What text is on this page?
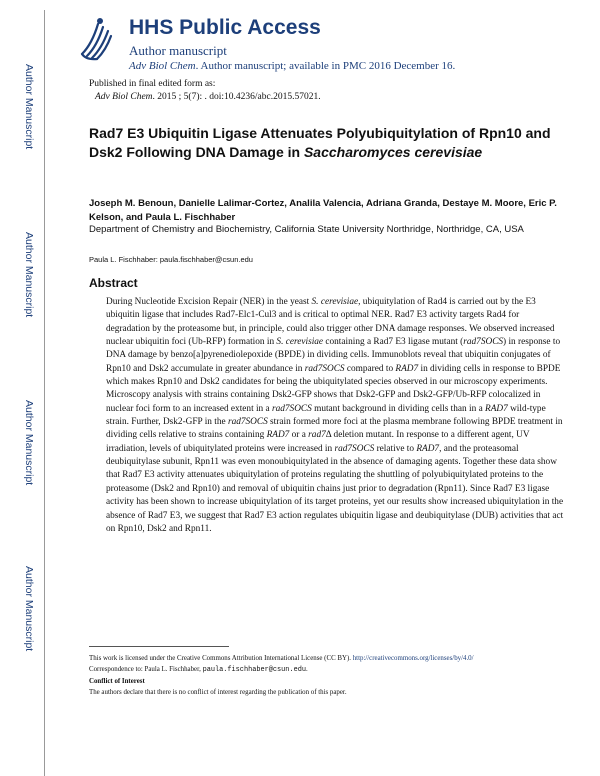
Author Manuscript
Author Manuscript
Author Manuscript
Author Manuscript
HHS Public Access
Author manuscript
Adv Biol Chem. Author manuscript; available in PMC 2016 December 16.
Published in final edited form as:
Adv Biol Chem. 2015 ; 5(7): . doi:10.4236/abc.2015.57021.
Rad7 E3 Ubiquitin Ligase Attenuates Polyubiquitylation of Rpn10 and Dsk2 Following DNA Damage in Saccharomyces cerevisiae
Joseph M. Benoun, Danielle Lalimar-Cortez, Analila Valencia, Adriana Granda, Destaye M. Moore, Eric P. Kelson, and Paula L. Fischhaber
Department of Chemistry and Biochemistry, California State University Northridge, Northridge, CA, USA
Paula L. Fischhaber: paula.fischhaber@csun.edu
Abstract
During Nucleotide Excision Repair (NER) in the yeast S. cerevisiae, ubiquitylation of Rad4 is carried out by the E3 ubiquitin ligase that includes Rad7-Elc1-Cul3 and is critical to optimal NER. Rad7 E3 activity targets Rad4 for degradation by the proteasome but, in principle, could also trigger other DNA damage responses. We observed increased nuclear ubiquitin foci (Ub-RFP) formation in S. cerevisiae containing a Rad7 E3 ligase mutant (rad7SOCS) in response to DNA damage by benzo[a]pyrenediolepoxide (BPDE) in dividing cells. Immunoblots reveal that ubiquitin conjugates of Rpn10 and Dsk2 accumulate in greater abundance in rad7SOCS compared to RAD7 in dividing cells in response to BPDE which makes Rpn10 and Dsk2 candidates for being the ubiquitylated species observed in our microscopy experiments. Microscopy analysis with strains containing Dsk2-GFP shows that Dsk2-GFP and Dsk2-GFP/Ub-RFP colocalized in nuclear foci form to an increased extent in a rad7SOCS mutant background in dividing cells than in a RAD7 wild-type strain. Further, Dsk2-GFP in the rad7SOCS strain formed more foci at the plasma membrane following BPDE treatment in dividing cells relative to strains containing RAD7 or a rad7Δ deletion mutant. In response to a different agent, UV irradiation, levels of ubiquitylated proteins were increased in rad7SOCS relative to RAD7, and the proteasomal deubiquitylase subunit, Rpn11 was even monoubiquitylated in the absence of damaging agents. Together these data show that Rad7 E3 activity attenuates ubiquitylation of proteins regulating the shuttling of polyubiquitylated proteins to the proteasome (Dsk2 and Rpn10) and removal of ubiquitin chains just prior to degradation (Rpn11). Since Rad7 E3 ligase activity has been shown to increase ubiquitylation of its target proteins, yet our results show increased ubiquitylation in the absence of Rad7 E3, we suggest that Rad7 E3 action regulates ubiquitin ligase and deubiquitylase (DUB) activities that act on Rpn10, Dsk2 and Rpn11.
This work is licensed under the Creative Commons Attribution International License (CC BY). http://creativecommons.org/licenses/by/4.0/
Correspondence to: Paula L. Fischhaber, paula.fischhaber@csun.edu.
Conflict of Interest
The authors declare that there is no conflict of interest regarding the publication of this paper.
